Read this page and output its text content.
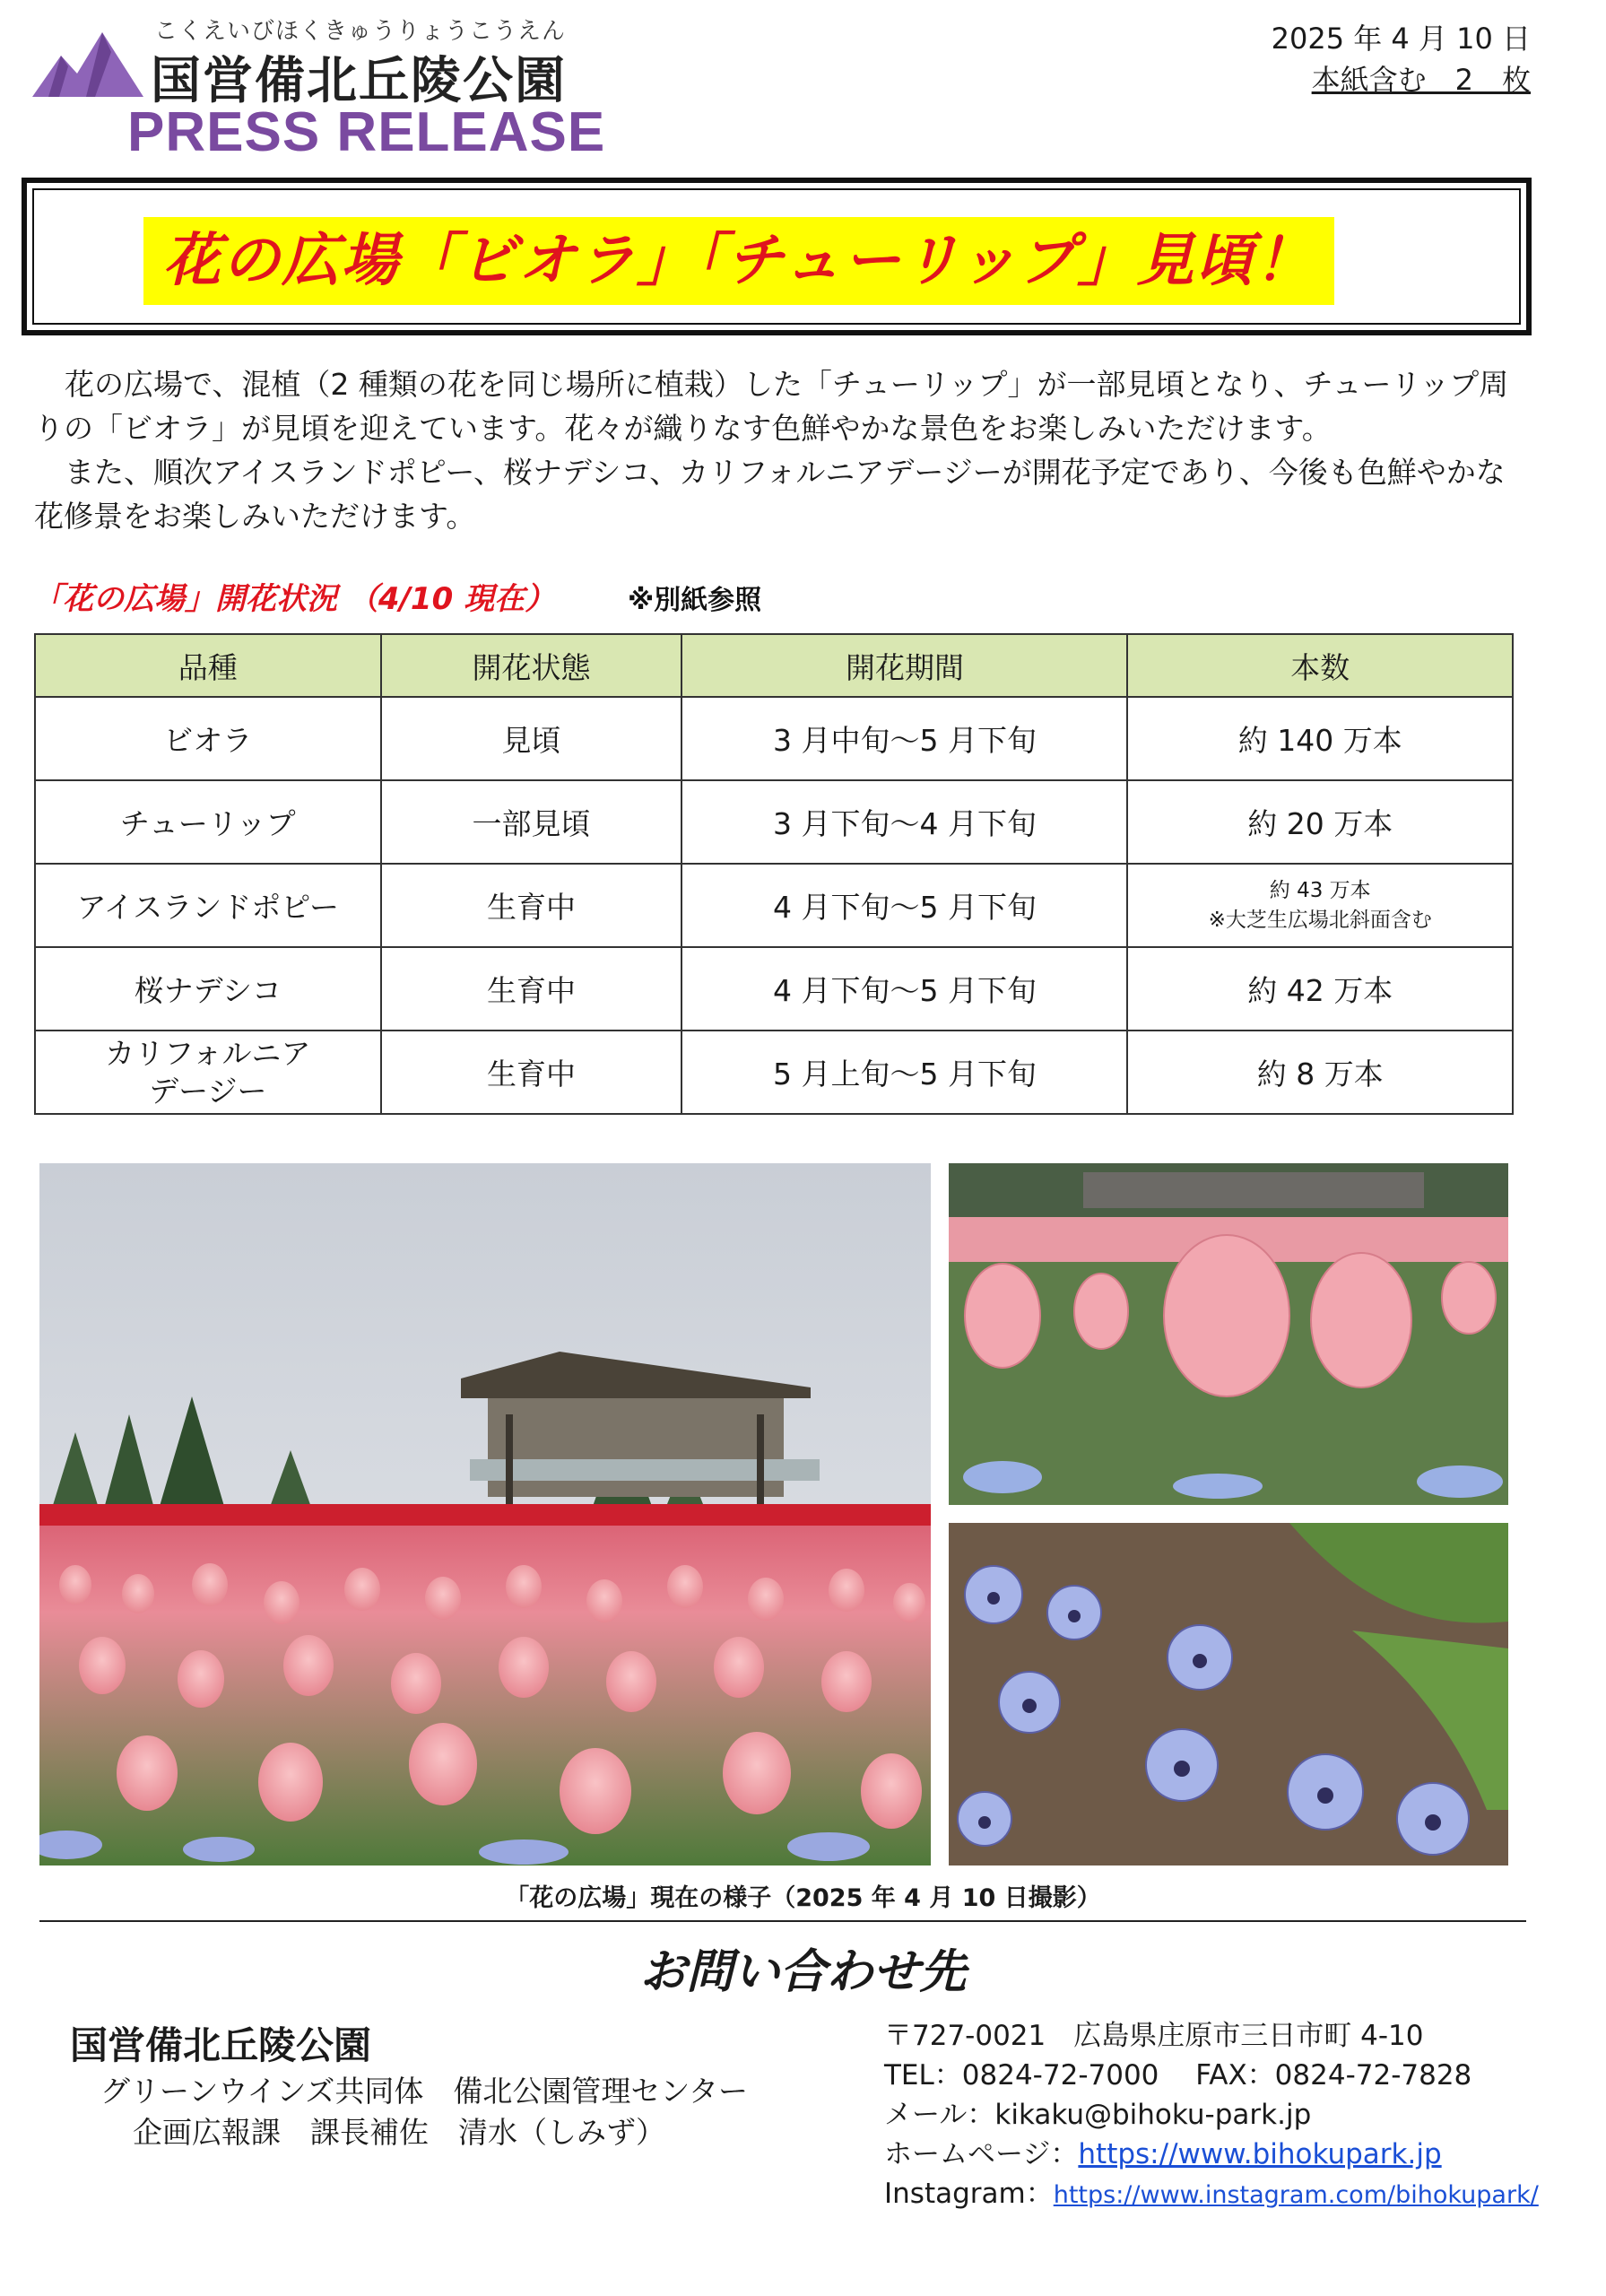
こくえいびほくきゅうりょうこうえん
国営備北丘陵公園
PRESS RELEASE
2025 年 4 月 10 日
本紙含む　2　枚
花の広場「ビオラ」「チューリップ」見頃！
花の広場で、混植（2 種類の花を同じ場所に植栽）した「チューリップ」が一部見頃となり、チューリップ周りの「ビオラ」が見頃を迎えています。花々が織りなす色鮮やかな景色をお楽しみいただけます。
また、順次アイスランドポピー、桜ナデシコ、カリフォルニアデージーが開花予定であり、今後も色鮮やかな花修景をお楽しみいただけます。
「花の広場」開花状況 （4/10 現在）	※別紙参照
品種	開花状態	開花期間	本数
ビオラ	見頃	3 月中旬〜5 月下旬	約 140 万本
チューリップ	一部見頃	3 月下旬〜4 月下旬	約 20 万本
アイスランドポピー	生育中	4 月下旬〜5 月下旬	約 43 万本
※大芝生広場北斜面含む

桜ナデシコ	生育中	4 月下旬〜5 月下旬	約 42 万本

カリフォルニア
デージー	生育中	5 月上旬〜5 月下旬	約 8 万本
「花の広場」現在の様子（2025 年 4 月 10 日撮影）
お問い合わせ先
国営備北丘陵公園
グリーンウインズ共同体　備北公園管理センター
企画広報課　課長補佐　清水（しみず）
〒727-0021　広島県庄原市三日市町 4-10
TEL：0824-72-7000　 FAX：0824-72-7828
メール：kikaku@bihoku-park.jp
ホームページ：https://www.bihokupark.jp
Instagram：https://www.instagram.com/bihokupark/
